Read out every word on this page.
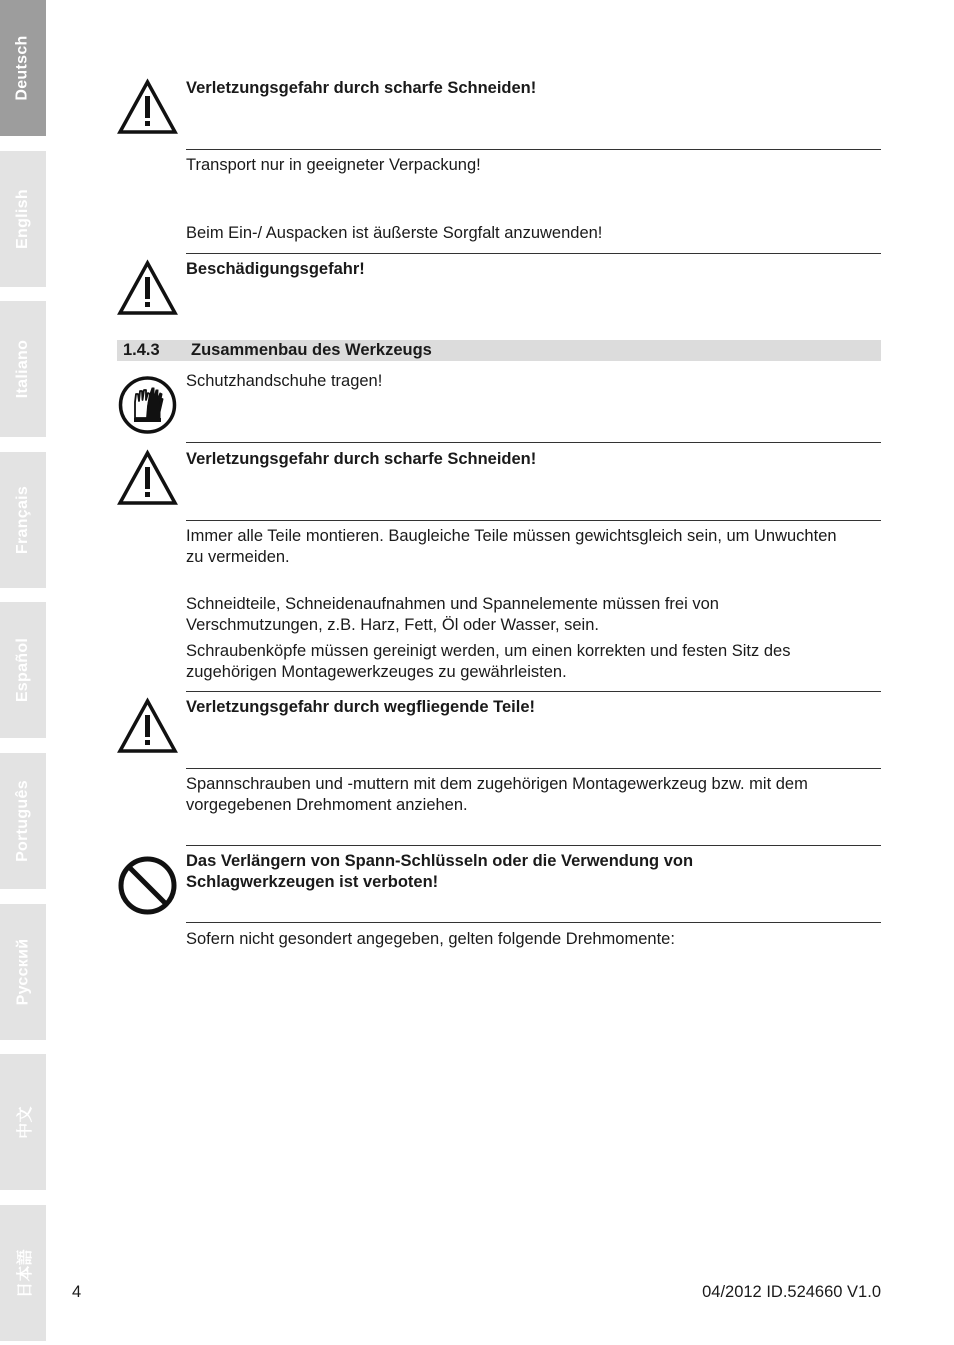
Deutsch
English
Italiano
Français
Español
Português
Русский
中文
日本語
Verletzungsgefahr durch scharfe Schneiden!
Transport nur in geeigneter Verpackung!
Beim Ein-/ Auspacken ist äußerste Sorgfalt anzuwenden!
Beschädigungsgefahr!
1.4.3 Zusammenbau des Werkzeugs
Schutzhandschuhe tragen!
Verletzungsgefahr durch scharfe Schneiden!
Immer alle Teile montieren. Baugleiche Teile müssen gewichtsgleich sein, um Unwuchten
zu vermeiden.
Schneidteile, Schneidenaufnahmen und Spannelemente müssen frei von
Verschmutzungen, z.B. Harz, Fett, Öl oder Wasser, sein.
Schraubenköpfe müssen gereinigt werden, um einen korrekten und festen Sitz des
zugehörigen Montagewerkzeuges zu gewährleisten.
Verletzungsgefahr durch wegfliegende Teile!
Spannschrauben und -muttern mit dem zugehörigen Montagewerkzeug bzw. mit dem
vorgegebenen Drehmoment anziehen.
Das Verlängern von Spann-Schlüsseln oder die Verwendung von
Schlagwerkzeugen ist verboten!
Sofern nicht gesondert angegeben, gelten folgende Drehmomente:
4	04/2012 ID.524660 V1.0
